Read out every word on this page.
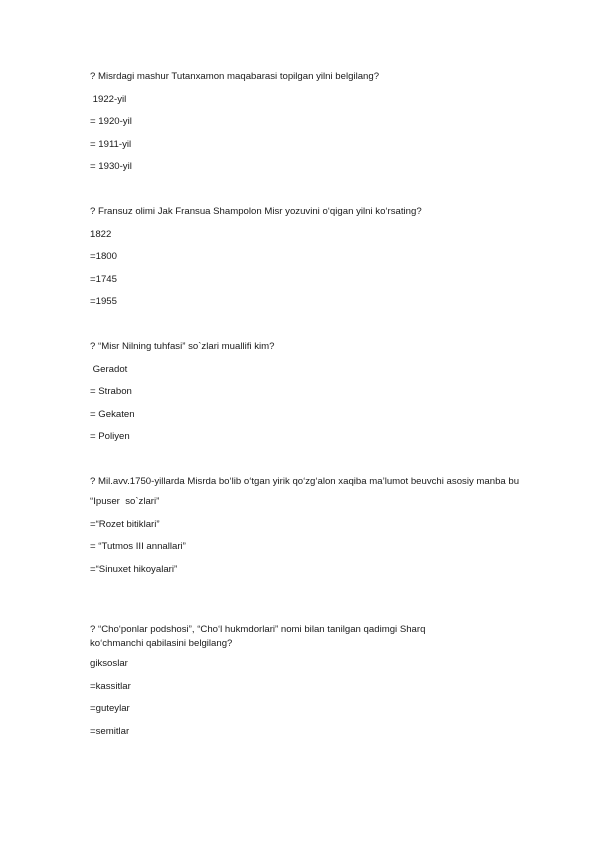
? Misrdagi mashur Tutanxamon maqabarasi topilgan yilni belgilang?

1922-yil
= 1920-yil
= 1911-yil
= 1930-yil

? Fransuz olimi Jak Fransua Shampolon Misr yozuvini o‘qigan yilni ko‘rsating?

1822
=1800
=1745
=1955

? “Misr Nilning tuhfasi” so`zlari muallifi kim?

Geradot
= Strabon
= Gekaten
= Poliyen

? Mil.avv.1750-yillarda Misrda bo‘lib o‘tgan yirik qo‘zg‘alon xaqiba ma’lumot beuvchi asosiy manba bu

“Ipuser  so`zlari”
=“Rozet bitiklari”
= “Tutmos III annallari”
=“Sinuxet hikoyalari”

? “Cho‘ponlar podshosi”, “Cho‘l hukmdorlari” nomi bilan tanilgan qadimgi Sharq ko‘chmanchi qabilasini belgilang?

giksoslar
=kassitlar
=guteylar
=semitlar
